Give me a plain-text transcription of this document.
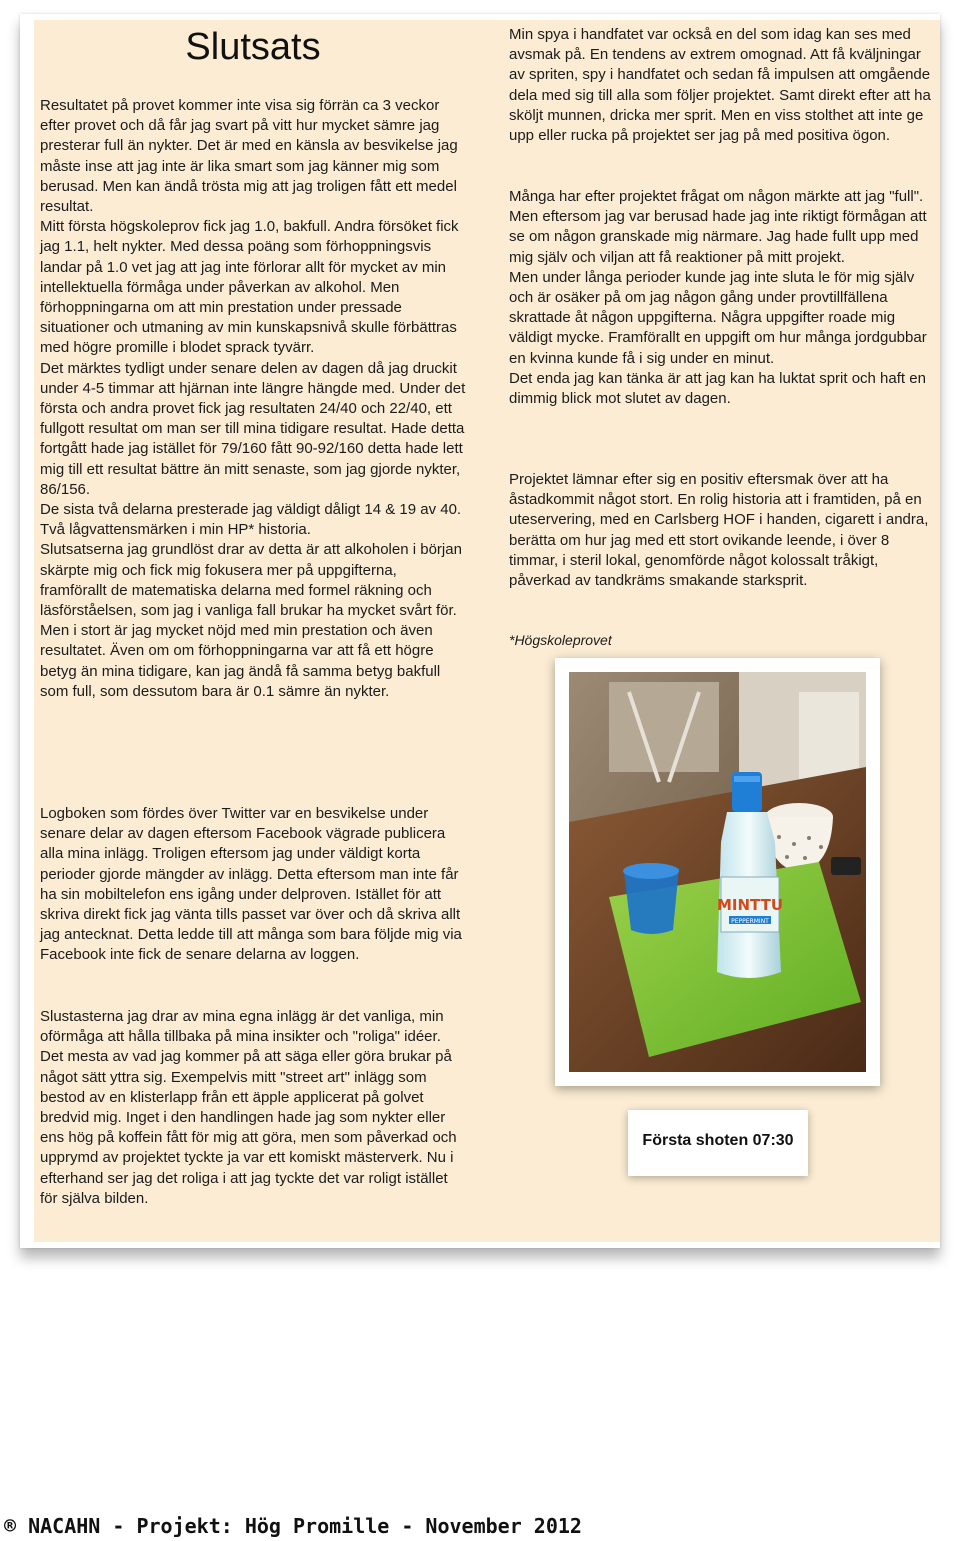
Slutsats

Resultatet på provet kommer inte visa sig förrän ca 3 veckor efter provet och då får jag svart på vitt hur mycket sämre jag presterar full än nykter. Det är med en känsla av besvikelse jag måste inse att jag inte är lika smart som jag känner mig som berusad. Men kan ändå trösta mig att jag troligen fått ett medel resultat.

Mitt första högskoleprov fick jag 1.0, bakfull. Andra försöket fick jag 1.1, helt nykter. Med dessa poäng som förhoppningsvis landar på 1.0 vet jag att jag inte förlorar allt för mycket av min intellektuella förmåga under påverkan av alkohol. Men förhoppningarna om att min prestation under pressade situationer och utmaning av min kunskapsnivå skulle förbättras med högre promille i blodet sprack tyvärr.

Det märktes tydligt under senare delen av dagen då jag druckit under 4-5 timmar att hjärnan inte längre hängde med. Under det första och andra provet fick jag resultaten 24/40 och 22/40, ett fullgott resultat om man ser till mina tidigare resultat. Hade detta fortgått hade jag istället för 79/160 fått 90-92/160 detta hade lett mig till ett resultat bättre än mitt senaste, som jag gjorde nykter, 86/156.

De sista två delarna presterade jag väldigt dåligt 14 & 19 av 40. Två lågvattensmärken i min HP* historia.

Slutsatserna jag grundlöst drar av detta är att alkoholen i början skärpte mig och fick mig fokusera mer på uppgifterna, framförallt de matematiska delarna med formel räkning och läsförståelsen, som jag i vanliga fall brukar ha mycket svårt för.

Men i stort är jag mycket nöjd med min prestation och även resultatet. Även om om förhoppningarna var att få ett högre betyg än mina tidigare, kan jag ändå få samma betyg bakfull som full, som dessutom bara är 0.1 sämre än nykter.

Logboken som fördes över Twitter var en besvikelse under senare delar av dagen eftersom Facebook vägrade publicera alla mina inlägg. Troligen eftersom jag under väldigt korta perioder gjorde mängder av inlägg. Detta eftersom man inte får ha sin mobiltelefon ens igång under delproven. Istället för att skriva direkt fick jag vänta tills passet var över och då skriva allt jag antecknat. Detta ledde till att många som bara följde mig via Facebook inte fick de senare delarna av loggen.

Slustasterna jag drar av mina egna inlägg är det vanliga, min oförmåga att hålla tillbaka på mina insikter och "roliga" idéer. Det mesta av vad jag kommer på att säga eller göra brukar på något sätt yttra sig. Exempelvis mitt "street art" inlägg som bestod av en klisterlapp från ett äpple applicerat på golvet bredvid mig. Inget i den handlingen hade jag som nykter eller ens hög på koffein fått för mig att göra, men som påverkad och upprymd av projektet tyckte ja var ett komiskt mästerverk. Nu i efterhand ser jag det roliga i att jag tyckte det var roligt istället för själva bilden.

Min spya i handfatet var också en del som idag kan ses med avsmak på. En tendens av extrem omognad. Att få kväljningar av spriten, spy i handfatet och sedan få impulsen att omgående dela med sig till alla som följer projektet. Samt direkt efter att ha sköljt munnen, dricka mer sprit. Men en viss stolthet att inte ge upp eller rucka på projektet ser jag på med positiva ögon.

Många har efter projektet frågat om någon märkte att jag "full". Men eftersom jag var berusad hade jag inte riktigt förmågan att se om någon granskade mig närmare. Jag hade fullt upp med mig själv och viljan att få reaktioner på mitt projekt.

Men under långa perioder kunde jag inte sluta le för mig själv och är osäker på om jag någon gång under provtillfällena skrattade åt någon uppgifterna. Några uppgifter roade mig väldigt mycke. Framförallt en uppgift om hur många jordgubbar en kvinna kunde få i sig under en minut.

Det enda jag kan tänka är att jag kan ha luktat sprit och haft en dimmig blick mot slutet av dagen.

Projektet lämnar efter sig en positiv eftersmak över att ha åstadkommit något stort. En rolig historia att i framtiden, på en uteservering, med en Carlsberg HOF i handen, cigarett i andra, berätta om hur jag med ett stort ovikande leende, i över 8 timmar, i steril lokal, genomförde något kolossalt tråkigt, påverkad av tandkräms smakande starksprit.

*Högskoleprovet
MINTTU
PEPPERMINT
Första shoten 07:30
® NACAHN - Projekt: Hög Promille - November 2012
